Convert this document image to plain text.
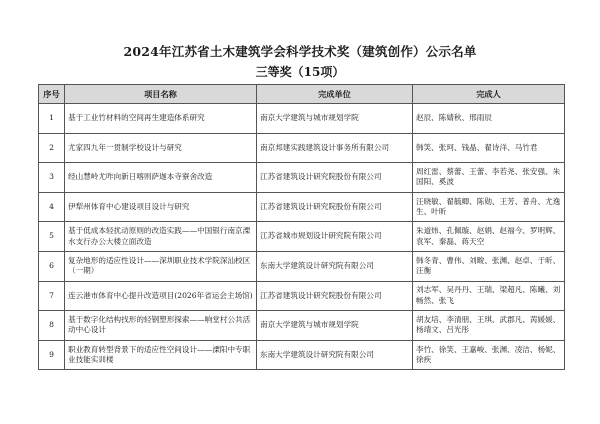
2024年江苏省土木建筑学会科学技术奖（建筑创作）公示名单
三等奖（15项）
序号	项目名称	完成单位	完成人
1	基于工业竹材料的空间再生建造体系研究	南京大学建筑与城市规划学院	赵辰、陈婧秋、邢雨辰
2	尤家四九年一贯制学校设计与研究	南京邦建实践建筑设计事务所有限公司	韩笑、张珂、钱晶、翟诗洋、马竹君
3	经山慧岭尤咋向新日喀则萨迦本寺寮舍改造	江苏省建筑设计研究院股份有限公司	周红雷、蔡蕾、王蕾、李若尧、张安强、朱国阳、奚波
4	伊犁州体育中心建设项目设计与研究	江苏省建筑设计研究院股份有限公司	汪晓敏、翟毓卿、陈勋、王芳、普舟、尤逸生、叶昕
5	基于低成本轻扰动原则的改造实践——中国银行南京溧水支行办公大楼立面改造	江苏省城市规划设计研究院有限公司	朱道炜、孔佩璇、赵娟、赵福今、罗明辉、袁军、秦磊、蒋天空
6	复杂地形的适应性设计——深圳职业技术学院深汕校区（一期）	东南大学建筑设计研究院有限公司	韩冬青、曹伟、刘畯、张渊、赵卓、于昕、汪衡
7	连云港市体育中心提升改造项目(2026年省运会主场馆)	江苏省建筑设计研究院股份有限公司	刘志军、吴丹丹、王瑞、梁超凡、陈曦、刘畅然、张飞
8	基于数字化结构找形的轻钢塑形探索——响堂村公共活动中心设计	南京大学建筑与城市规划学院	胡友培、李清朋、王琪、武郡凡、苪媛媛、杨靖文、吕光彤
9	职业教育转型背景下的适应性空间设计——溧阳中专职业技能实训楼	东南大学建筑设计研究院有限公司	李竹、徐笑、王嘉峻、张渊、凌洁、杨妮、徐疾
